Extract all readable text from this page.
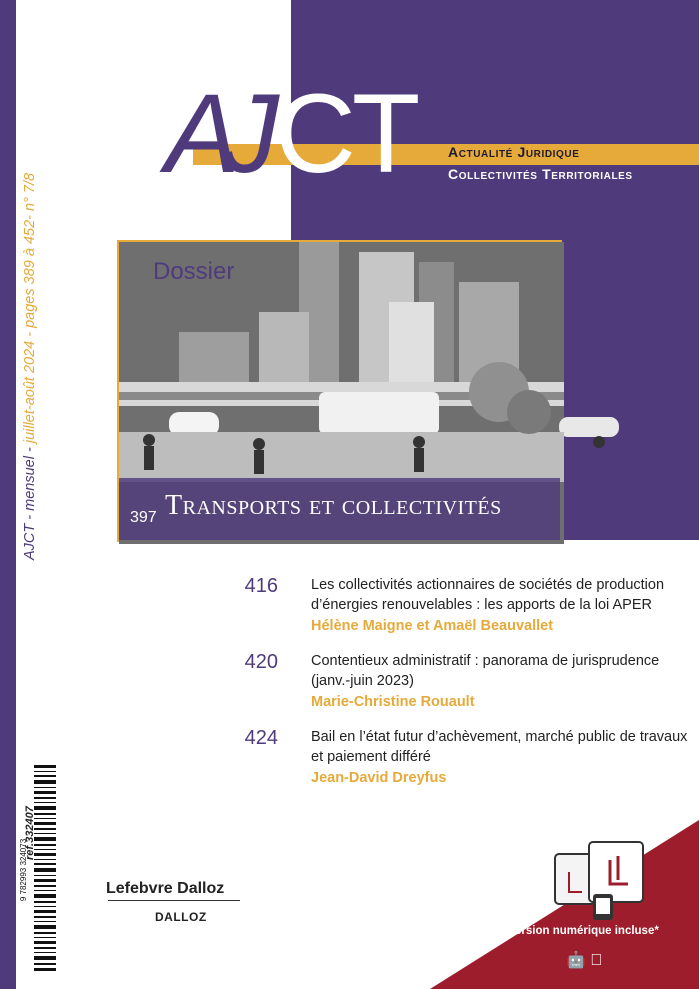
AJCT - mensuel - juillet-août 2024 - pages 389 à 452- n° 7/8
A
J CT Actualité Juridique
Collectivités Territoriales
Dossier
397 Transports et collectivités
416 Les collectivités actionnaires de sociétés de production d’énergies renouvelables : les apports de la loi APER
Hélène Maigne et Amaël Beauvallet
420 Contentieux administratif : panorama de jurisprudence (janv.-juin 2023)
Marie-Christine Rouault
424 Bail en l’état futur d’achèvement, marché public de travaux et paiement différé
Jean-David Dreyfus
9 782993 324073
ref.332407
Lefebvre Dalloz
DALLOZ
Version numérique incluse*
🤖
